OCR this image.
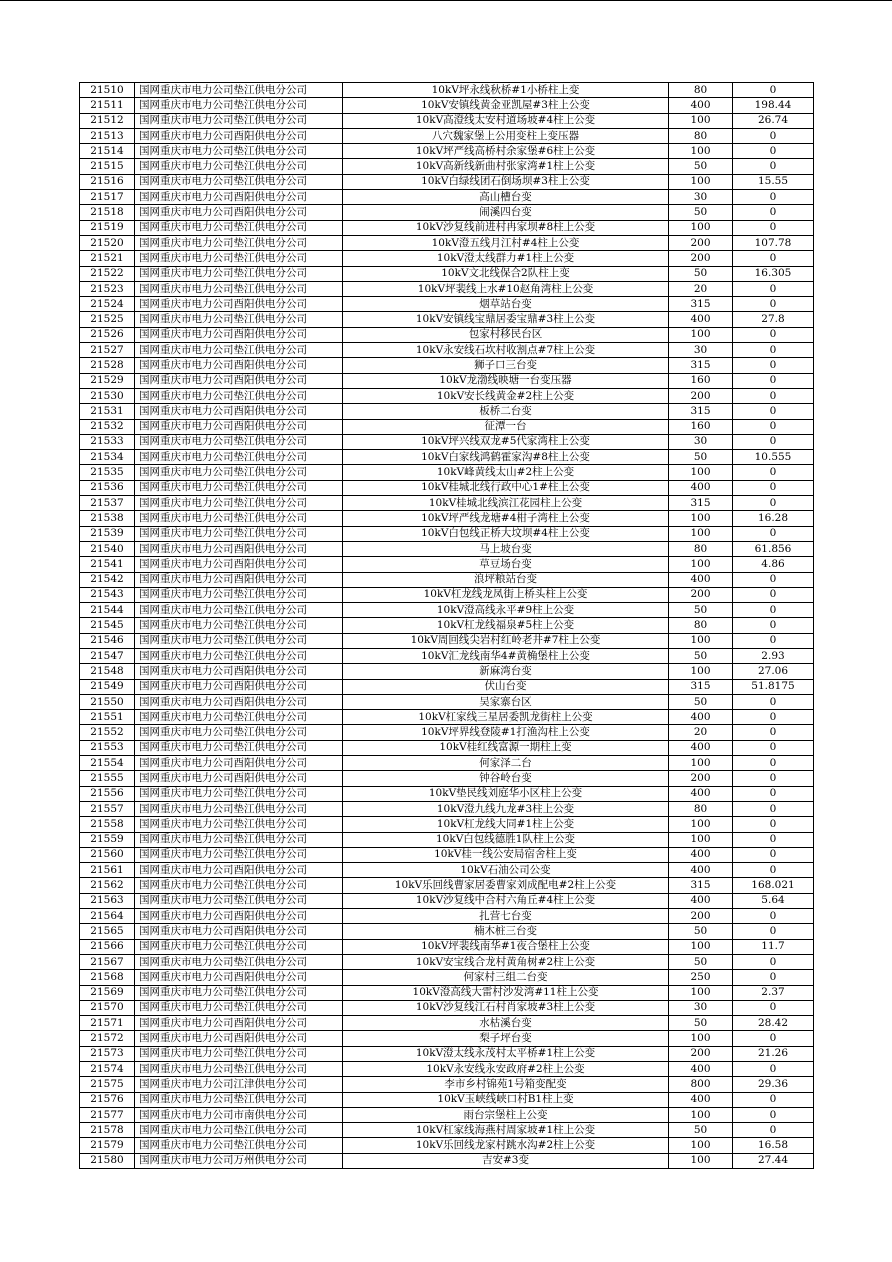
21510	国网重庆市电力公司垫江供电分公司	10kV坪永线秋桥#1小桥柱上变	80	0
21511	国网重庆市电力公司垫江供电分公司	10kV安镇线黄金亚凯屋#3柱上公变	400	198.44
21512	国网重庆市电力公司垫江供电分公司	10kV高澄线太安村道场坡#4柱上公变	100	26.74
21513	国网重庆市电力公司酉阳供电分公司	八穴魏家堡上公用变柱上变压器	80	0
21514	国网重庆市电力公司垫江供电分公司	10kV坪严线高桥村余家堡#6柱上公变	100	0
21515	国网重庆市电力公司垫江供电分公司	10kV高新线新曲村张家湾#1柱上公变	50	0
21516	国网重庆市电力公司垫江供电分公司	10kV白绿线团石倒场坝#3柱上公变	100	15.55
21517	国网重庆市电力公司酉阳供电分公司	高山槽台变	30	0
21518	国网重庆市电力公司酉阳供电分公司	闹溪四台变	50	0
21519	国网重庆市电力公司垫江供电分公司	10kV沙复线前进村冉家坝#8柱上公变	100	0
21520	国网重庆市电力公司垫江供电分公司	10kV澄五线月江村#4柱上公变	200	107.78
21521	国网重庆市电力公司垫江供电分公司	10kV澄太线群力#1柱上公变	200	0
21522	国网重庆市电力公司垫江供电分公司	10kV文北线保合2队柱上变	50	16.305
21523	国网重庆市电力公司垫江供电分公司	10kV坪裴线上水#10赵角湾柱上公变	20	0
21524	国网重庆市电力公司酉阳供电分公司	烟草站台变	315	0
21525	国网重庆市电力公司垫江供电分公司	10kV安镇线宝鼎居委宝鼎#3柱上公变	400	27.8
21526	国网重庆市电力公司酉阳供电分公司	包家村移民台区	100	0
21527	国网重庆市电力公司垫江供电分公司	10kV永安线石坎村收割点#7柱上公变	30	0
21528	国网重庆市电力公司酉阳供电分公司	狮子口三台变	315	0
21529	国网重庆市电力公司酉阳供电分公司	10kV龙渤线映塘一台变压器	160	0
21530	国网重庆市电力公司垫江供电分公司	10kV安长线黄金#2柱上公变	200	0
21531	国网重庆市电力公司酉阳供电分公司	板桥二台变	315	0
21532	国网重庆市电力公司酉阳供电分公司	征潭一台	160	0
21533	国网重庆市电力公司垫江供电分公司	10kV坪兴线双龙#5代家湾柱上公变	30	0
21534	国网重庆市电力公司垫江供电分公司	10kV白家线鸿鹤霍家沟#8柱上公变	50	10.555
21535	国网重庆市电力公司垫江供电分公司	10kV峰黄线太山#2柱上公变	100	0
21536	国网重庆市电力公司垫江供电分公司	10kV桂城北线行政中心1#柱上公变	400	0
21537	国网重庆市电力公司垫江供电分公司	10kV桂城北线滨江花园柱上公变	315	0
21538	国网重庆市电力公司垫江供电分公司	10kV坪严线龙塘#4柑子湾柱上公变	100	16.28
21539	国网重庆市电力公司垫江供电分公司	10kV白包线正桥大坟坝#4柱上公变	100	0
21540	国网重庆市电力公司酉阳供电分公司	马上坡台变	80	61.856
21541	国网重庆市电力公司酉阳供电分公司	草豆场台变	100	4.86
21542	国网重庆市电力公司酉阳供电分公司	浪坪粮站台变	400	0
21543	国网重庆市电力公司垫江供电分公司	10kV杠龙线龙凤街上桥头柱上公变	200	0
21544	国网重庆市电力公司垫江供电分公司	10kV澄高线永平#9柱上公变	50	0
21545	国网重庆市电力公司垫江供电分公司	10kV杠龙线福泉#5柱上公变	80	0
21546	国网重庆市电力公司垫江供电分公司	10kV周回线尖岩村红岭老井#7柱上公变	100	0
21547	国网重庆市电力公司垫江供电分公司	10kV汇龙线南华4#黄桷堡柱上公变	50	2.93
21548	国网重庆市电力公司酉阳供电分公司	新麻湾台变	100	27.06
21549	国网重庆市电力公司酉阳供电分公司	伏山台变	315	51.8175
21550	国网重庆市电力公司酉阳供电分公司	吴家寨台区	50	0
21551	国网重庆市电力公司垫江供电分公司	10kV杠家线三星居委凯龙街柱上公变	400	0
21552	国网重庆市电力公司垫江供电分公司	10kV坪界线登陵#1打渔沟柱上公变	20	0
21553	国网重庆市电力公司垫江供电分公司	10kV桂红线富源一期柱上变	400	0
21554	国网重庆市电力公司酉阳供电分公司	何家泽二台	100	0
21555	国网重庆市电力公司酉阳供电分公司	钟谷岭台变	200	0
21556	国网重庆市电力公司垫江供电分公司	10kV垫民线刘庭华小区柱上公变	400	0
21557	国网重庆市电力公司垫江供电分公司	10kV澄九线九龙#3柱上公变	80	0
21558	国网重庆市电力公司垫江供电分公司	10kV杠龙线大同#1柱上公变	100	0
21559	国网重庆市电力公司垫江供电分公司	10kV白包线德胜1队柱上公变	100	0
21560	国网重庆市电力公司垫江供电分公司	10kV桂一线公安局宿舍柱上变	400	0
21561	国网重庆市电力公司酉阳供电分公司	10kV石油公司公变	400	0
21562	国网重庆市电力公司垫江供电分公司	10kV乐回线曹家居委曹家刘成配电#2柱上公变	315	168.021
21563	国网重庆市电力公司垫江供电分公司	10kV沙复线中合村六角丘#4柱上公变	400	5.64
21564	国网重庆市电力公司酉阳供电分公司	扎营七台变	200	0
21565	国网重庆市电力公司酉阳供电分公司	楠木桩三台变	50	0
21566	国网重庆市电力公司垫江供电分公司	10kV坪裴线南华#1夜合堡柱上公变	100	11.7
21567	国网重庆市电力公司垫江供电分公司	10kV安宝线合龙村黄角树#2柱上公变	50	0
21568	国网重庆市电力公司酉阳供电分公司	何家村三组二台变	250	0
21569	国网重庆市电力公司垫江供电分公司	10kV澄高线大雷村沙发湾#11柱上公变	100	2.37
21570	国网重庆市电力公司垫江供电分公司	10kV沙复线江石村肖家坡#3柱上公变	30	0
21571	国网重庆市电力公司酉阳供电分公司	水枯溪台变	50	28.42
21572	国网重庆市电力公司酉阳供电分公司	梨子坪台变	100	0
21573	国网重庆市电力公司垫江供电分公司	10kV澄太线永茂村太平桥#1柱上公变	200	21.26
21574	国网重庆市电力公司垫江供电分公司	10kV永安线永安政府#2柱上公变	400	0
21575	国网重庆市电力公司江津供电分公司	李市乡村锦苑1号箱变配变	800	29.36
21576	国网重庆市电力公司垫江供电分公司	10kV玉峡线峡口村B1柱上变	400	0
21577	国网重庆市电力公司市南供电分公司	雨台宗堡柱上公变	100	0
21578	国网重庆市电力公司垫江供电分公司	10kV杠家线海燕村周家坡#1柱上公变	50	0
21579	国网重庆市电力公司垫江供电分公司	10kV乐回线龙家村跳水沟#2柱上公变	100	16.58
21580	国网重庆市电力公司万州供电分公司	吉安#3变	100	27.44
